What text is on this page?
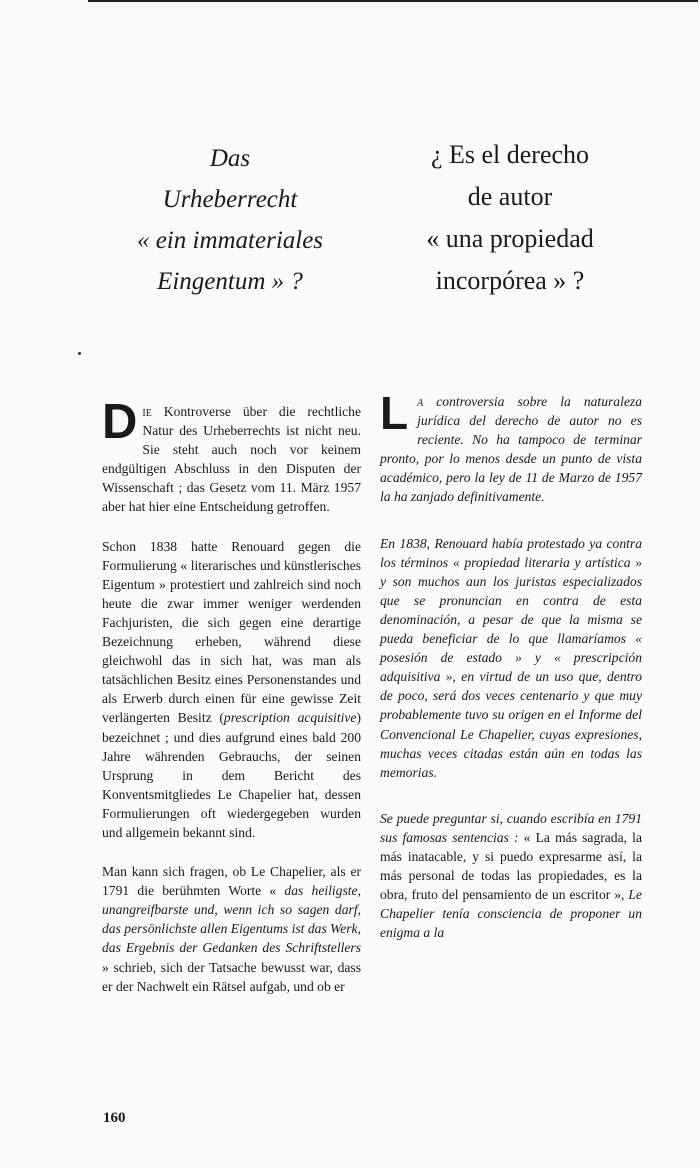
Das
Urheberrecht
« ein immateriales
Eingentum » ?
¿ Es el derecho
de autor
« una propiedad
incorpórea » ?

Die Kontroverse über die rechtliche Natur des Urheberrechts ist nicht neu. Sie steht auch noch vor keinem endgültigen Abschluss in den Disputen der Wissenschaft ; das Gesetz vom 11. März 1957 aber hat hier eine Entscheidung getroffen.

Schon 1838 hatte Renouard gegen die Formulierung « literarisches und künstlerisches Eigentum » protestiert und zahlreich sind noch heute die zwar immer weniger werdenden Fachjuristen, die sich gegen eine derartige Bezeichnung erheben, während diese gleichwohl das in sich hat, was man als tatsächlichen Besitz eines Personenstandes und als Erwerb durch einen für eine gewisse Zeit verlängerten Besitz (prescription acquisitive) bezeichnet ; und dies aufgrund eines bald 200 Jahre währenden Gebrauchs, der seinen Ursprung in dem Bericht des Konventsmitgliedes Le Chapelier hat, dessen Formulierungen oft wiedergegeben wurden und allgemein bekannt sind.

Man kann sich fragen, ob Le Chapelier, als er 1791 die berühmten Worte « das heiligste, unangreifbarste und, wenn ich so sagen darf, das persönlichste allen Eigentums ist das Werk, das Ergebnis der Gedanken des Schriftstellers » schrieb, sich der Tatsache bewusst war, dass er der Nachwelt ein Rätsel aufgab, und ob er

La controversia sobre la naturaleza jurídica del derecho de autor no es reciente. No ha tampoco de terminar pronto, por lo menos desde un punto de vista académico, pero la ley de 11 de Marzo de 1957 la ha zanjado definitivamente.

En 1838, Renouard había protestado ya contra los términos « propiedad literaria y artística » y son muchos aun los juristas especializados que se pronuncian en contra de esta denominación, a pesar de que la misma se pueda beneficiar de lo que llamaríamos « posesión de estado » y « prescripción adquisitiva », en virtud de un uso que, dentro de poco, será dos veces centenario y que muy probablemente tuvo su origen en el Informe del Convencional Le Chapelier, cuyas expresiones, muchas veces citadas están aún en todas las memorias.

Se puede preguntar si, cuando escribía en 1791 sus famosas sentencias : « La más sagrada, la más inatacable, y si puedo expresarme así, la más personal de todas las propiedades, es la obra, fruto del pensamiento de un escritor », Le Chapelier tenía consciencia de proponer un enigma a la

160
